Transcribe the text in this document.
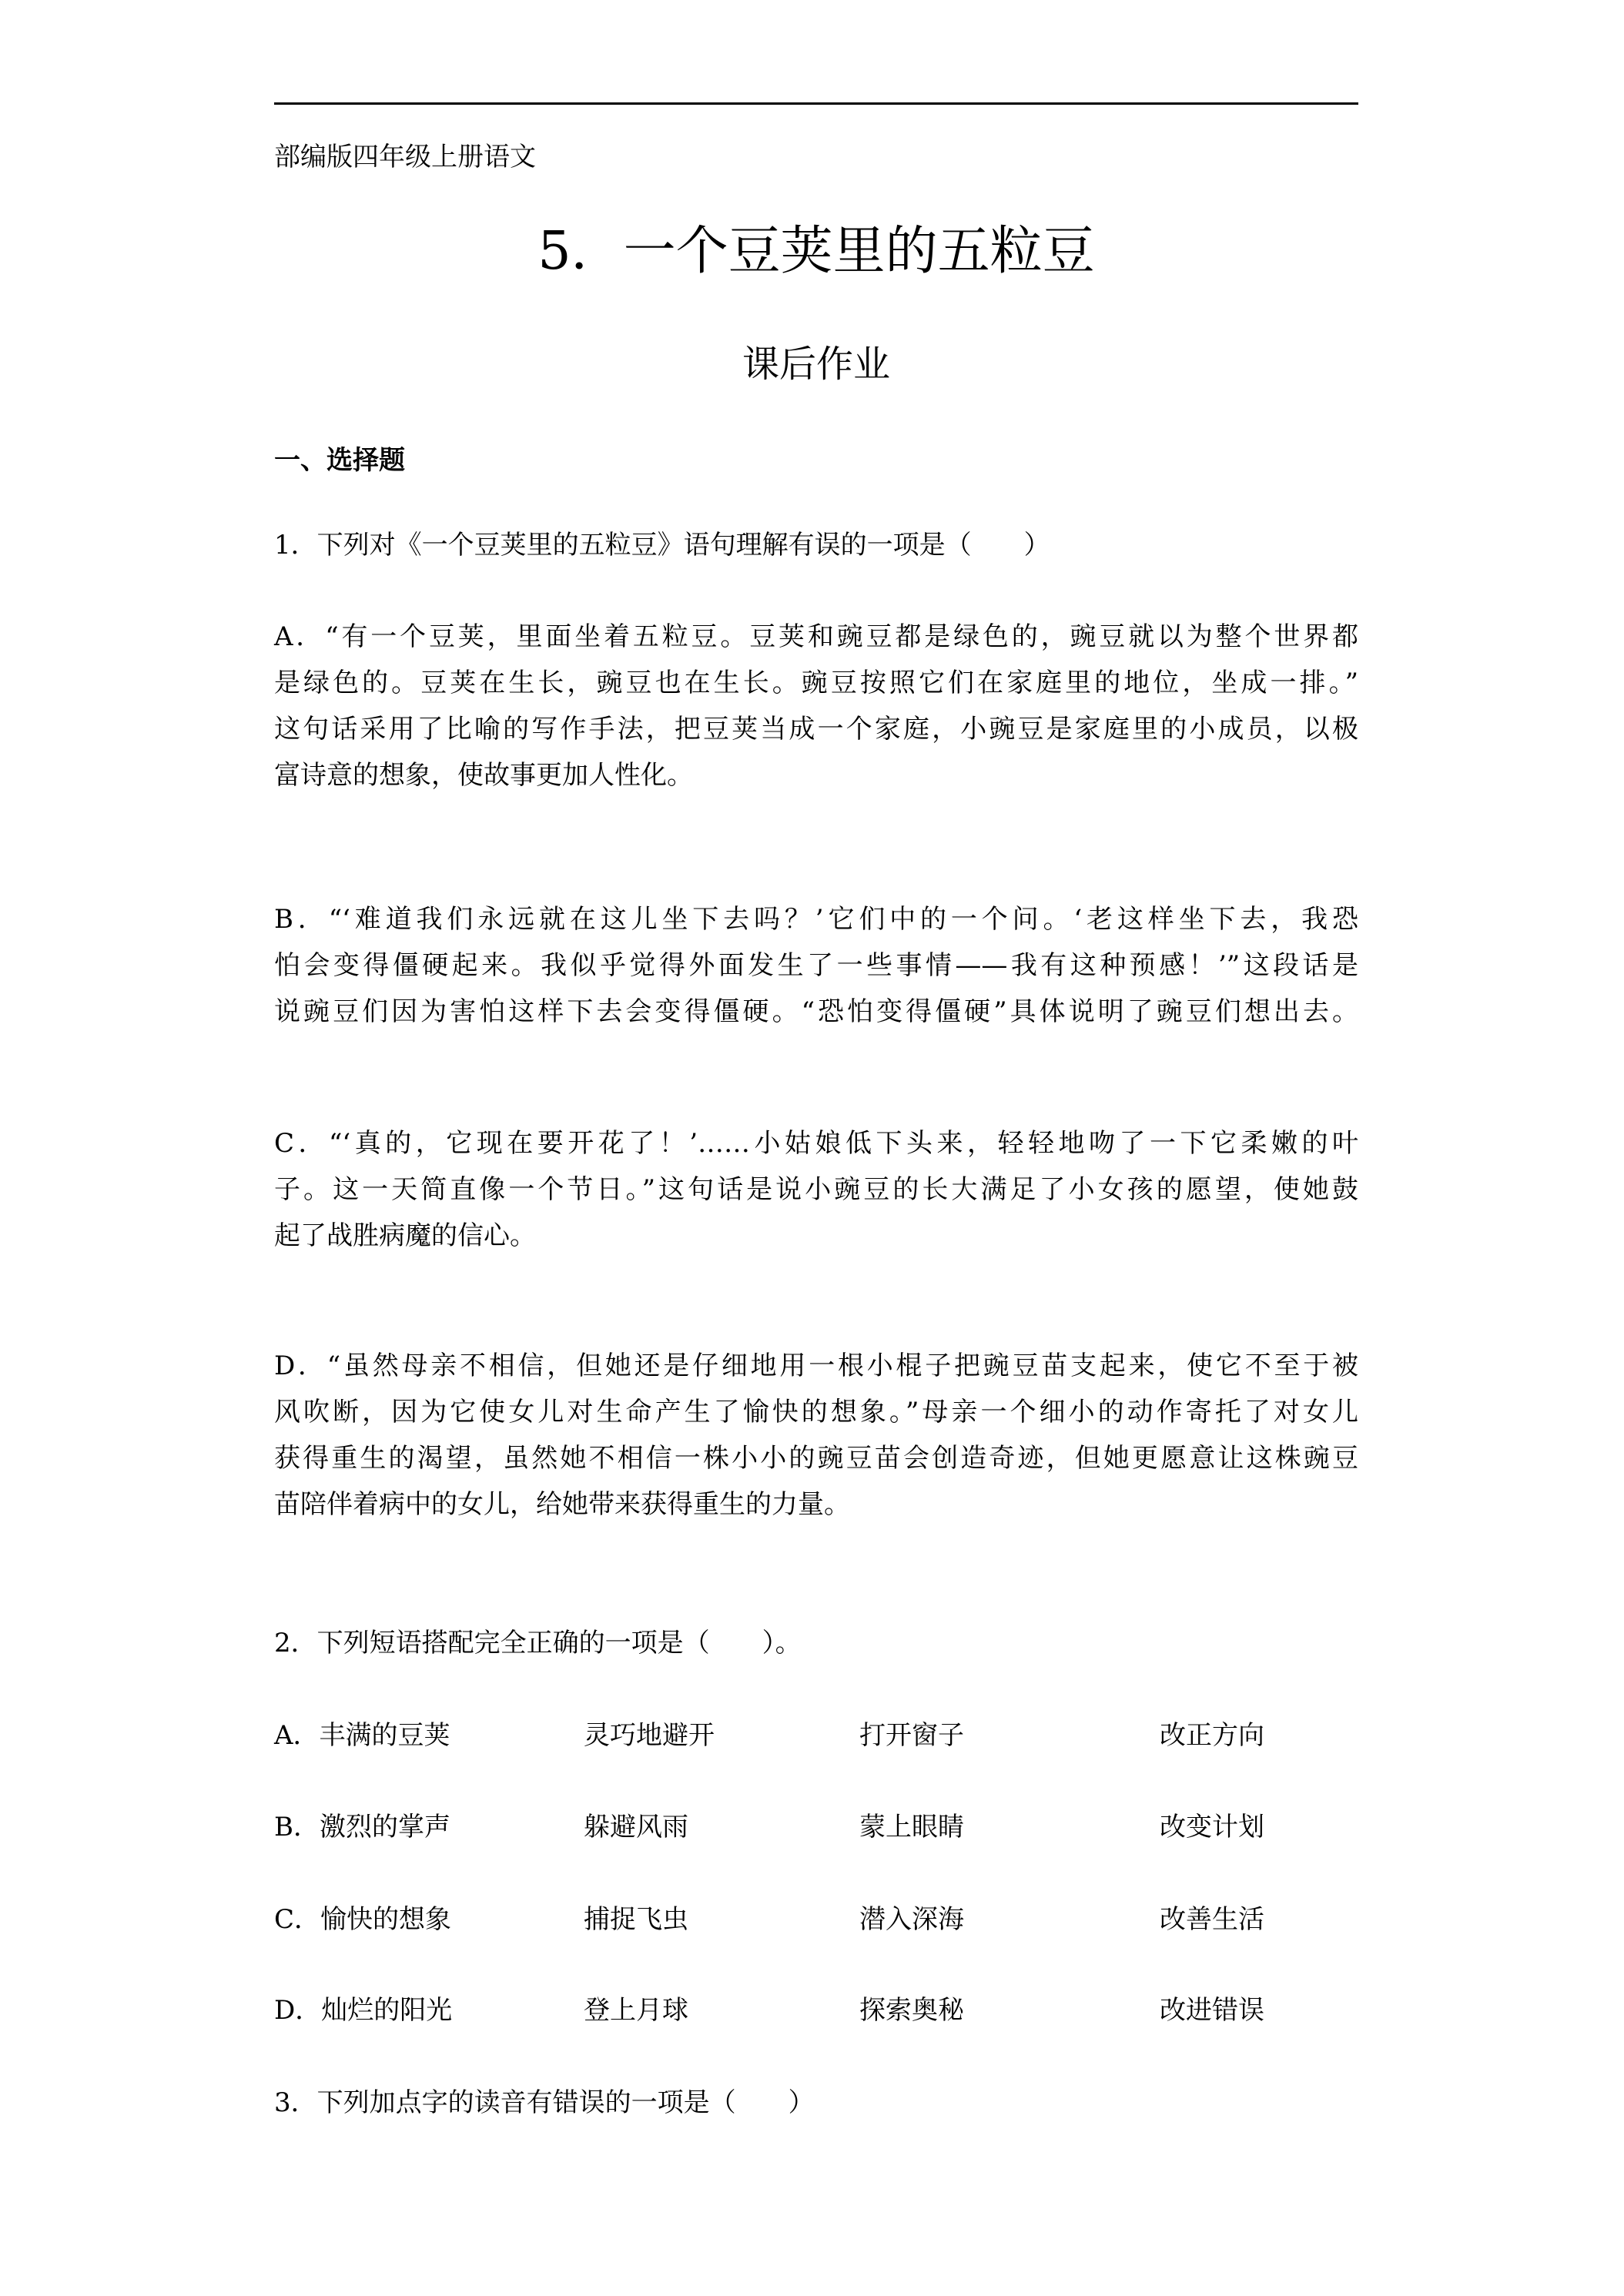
部编版四年级上册语文
5．一个豆荚里的五粒豆
课后作业
一、选择题
1．下列对《一个豆荚里的五粒豆》语句理解有误的一项是（　　）
A．“有一个豆荚，里面坐着五粒豆。豆荚和豌豆都是绿色的，豌豆就以为整个世界都
是绿色的。豆荚在生长，豌豆也在生长。豌豆按照它们在家庭里的地位，坐成一排。”
这句话采用了比喻的写作手法，把豆荚当成一个家庭，小豌豆是家庭里的小成员，以极
富诗意的想象，使故事更加人性化。
B．“‘难道我们永远就在这儿坐下去吗？’它们中的一个问。‘老这样坐下去，我恐
怕会变得僵硬起来。我似乎觉得外面发生了一些事情——我有这种预感！’”这段话是
说豌豆们因为害怕这样下去会变得僵硬。“恐怕变得僵硬”具体说明了豌豆们想出去。
C．“‘真的，它现在要开花了！’……小姑娘低下头来，轻轻地吻了一下它柔嫩的叶
子。这一天简直像一个节日。”这句话是说小豌豆的长大满足了小女孩的愿望，使她鼓
起了战胜病魔的信心。
D．“虽然母亲不相信，但她还是仔细地用一根小棍子把豌豆苗支起来，使它不至于被
风吹断，因为它使女儿对生命产生了愉快的想象。”母亲一个细小的动作寄托了对女儿
获得重生的渴望，虽然她不相信一株小小的豌豆苗会创造奇迹，但她更愿意让这株豌豆
苗陪伴着病中的女儿，给她带来获得重生的力量。
2．下列短语搭配完全正确的一项是（　　）。
A．丰满的豆荚	灵巧地避开	打开窗子	改正方向
B．激烈的掌声	躲避风雨	蒙上眼睛	改变计划
C．愉快的想象	捕捉飞虫	潜入深海	改善生活
D．灿烂的阳光	登上月球	探索奥秘	改进错误
3．下列加点字的读音有错误的一项是（　　）
